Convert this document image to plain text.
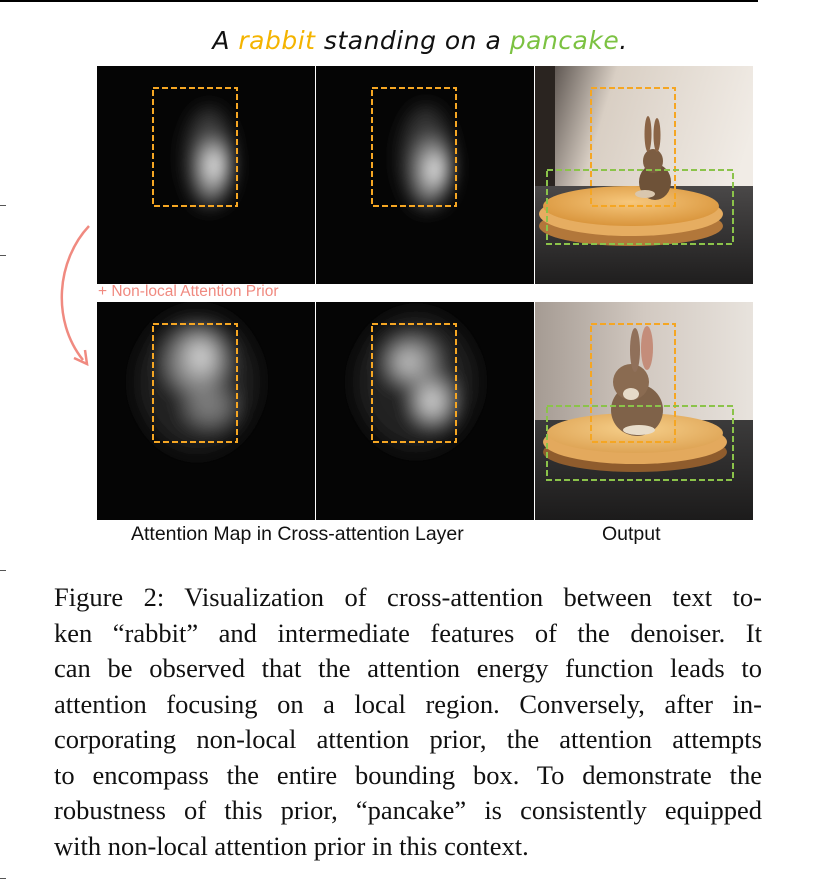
A rabbit standing on a pancake.
+ Non-local Attention Prior
Attention Map in Cross-attention Layer	Output
Figure 2: Visualization of cross-attention between text to-
ken “rabbit” and intermediate features of the denoiser. It
can be observed that the attention energy function leads to
attention focusing on a local region. Conversely, after in-
corporating non-local attention prior, the attention attempts
to encompass the entire bounding box. To demonstrate the
robustness of this prior, “pancake” is consistently equipped
with non-local attention prior in this context.
